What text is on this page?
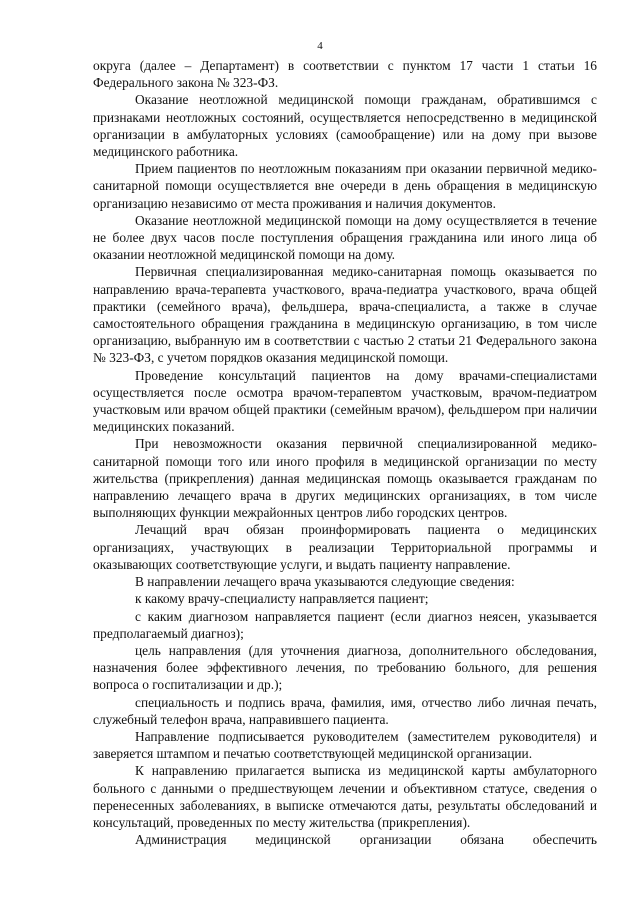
4

округа (далее – Департамент) в соответствии с пунктом 17 части 1 статьи 16 Федерального закона № 323-ФЗ.

Оказание неотложной медицинской помощи гражданам, обратившимся с признаками неотложных состояний, осуществляется непосредственно в медицинской организации в амбулаторных условиях (самообращение) или на дому при вызове медицинского работника.

Прием пациентов по неотложным показаниям при оказании первичной медико-санитарной помощи осуществляется вне очереди в день обращения в медицинскую организацию независимо от места проживания и наличия документов.

Оказание неотложной медицинской помощи на дому осуществляется в течение не более двух часов после поступления обращения гражданина или иного лица об оказании неотложной медицинской помощи на дому.

Первичная специализированная медико-санитарная помощь оказывается по направлению врача-терапевта участкового, врача-педиатра участкового, врача общей практики (семейного врача), фельдшера, врача-специалиста, а также в случае самостоятельного обращения гражданина в медицинскую организацию, в том числе организацию, выбранную им в соответствии с частью 2 статьи 21 Федерального закона № 323-ФЗ, с учетом порядков оказания медицинской помощи.

Проведение консультаций пациентов на дому врачами-специалистами осуществляется после осмотра врачом-терапевтом участковым, врачом-педиатром участковым или врачом общей практики (семейным врачом), фельдшером при наличии медицинских показаний.

При невозможности оказания первичной специализированной медико-санитарной помощи того или иного профиля в медицинской организации по месту жительства (прикрепления) данная медицинская помощь оказывается гражданам по направлению лечащего врача в других медицинских организациях, в том числе выполняющих функции межрайонных центров либо городских центров.

Лечащий врач обязан проинформировать пациента о медицинских организациях, участвующих в реализации Территориальной программы и оказывающих соответствующие услуги, и выдать пациенту направление.

В направлении лечащего врача указываются следующие сведения:

к какому врачу-специалисту направляется пациент;

с каким диагнозом направляется пациент (если диагноз неясен, указывается предполагаемый диагноз);

цель направления (для уточнения диагноза, дополнительного обследования, назначения более эффективного лечения, по требованию больного, для решения вопроса о госпитализации и др.);

специальность и подпись врача, фамилия, имя, отчество либо личная печать, служебный телефон врача, направившего пациента.

Направление подписывается руководителем (заместителем руководителя) и заверяется штампом и печатью соответствующей медицинской организации.

К направлению прилагается выписка из медицинской карты амбулаторного больного с данными о предшествующем лечении и объективном статусе, сведения о перенесенных заболеваниях, в выписке отмечаются даты, результаты обследований и консультаций, проведенных по месту жительства (прикрепления).

Администрация медицинской организации обязана обеспечить
